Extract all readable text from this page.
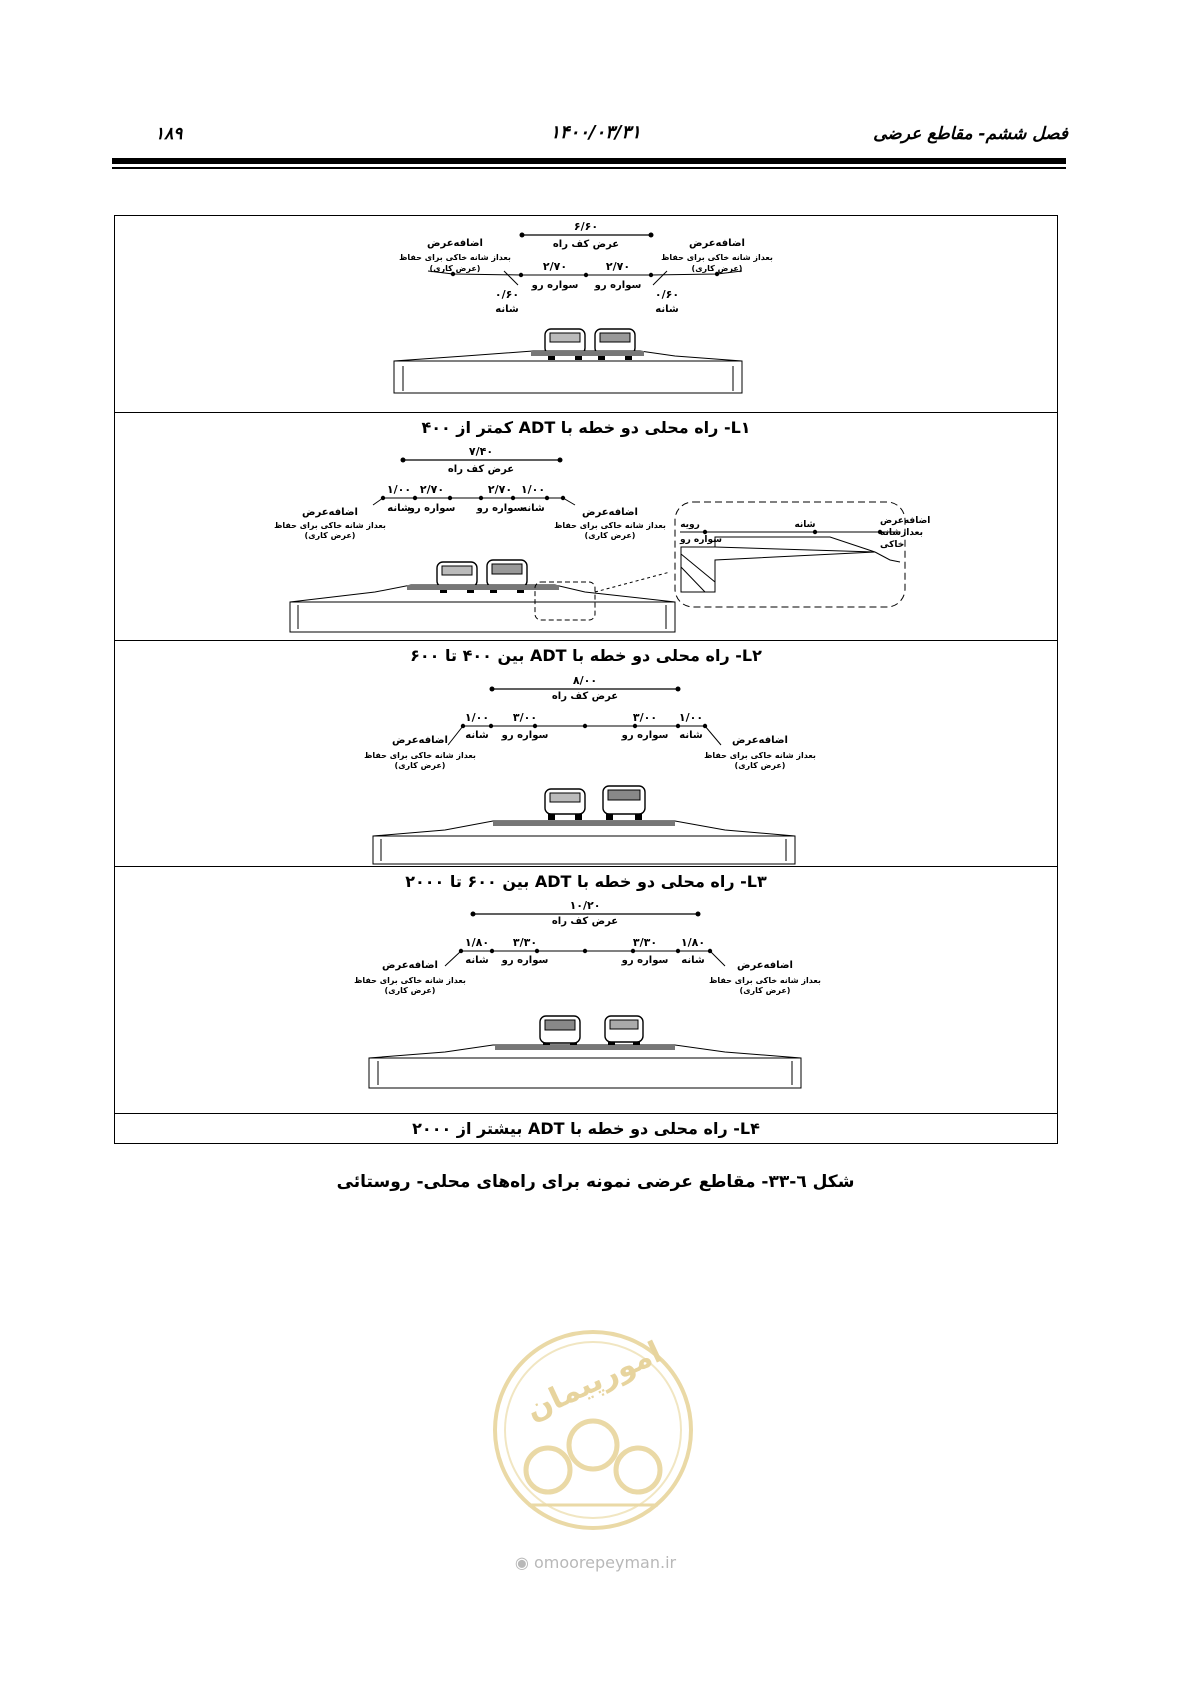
فصل ششم- مقاطع عرضی
۱۴۰۰/۰۳/۳۱
۱۸۹
۶/۶۰
عرض کف راه
۲/۷۰	۲/۷۰
سواره رو سواره رو
۰/۶۰	۰/۶۰
شانه	شانه
اضافه‌عرض
بعداز شانه خاکی برای حفاظ
(عرض کاری)
اضافه‌عرض
بعداز شانه خاکی برای حفاظ
(عرض کاری)
L۱- راه محلی دو خطه با ADT کمتر از ۴۰۰
۷/۴۰
عرض کف راه
۱/۰۰ ۲/۷۰	۲/۷۰ ۱/۰۰
شانه
سواره رو سواره رو
شانه
اضافه‌عرض
بعداز شانه خاکی برای حفاظ
(عرض کاری)
اضافه‌عرض
بعداز شانه خاکی برای حفاظ
(عرض کاری)
رویه
سواره رو
شانه	اضافه‌عرض
بعدازشانه
خاکی
L۲- راه محلی دو خطه با ADT بین ۴۰۰ تا ۶۰۰
۸/۰۰
عرض کف راه
۱/۰۰ ۳/۰۰	۳/۰۰ ۱/۰۰
شانه سواره رو	سواره رو شانه
اضافه‌عرض
بعداز شانه خاکی برای حفاظ
(عرض کاری)
اضافه‌عرض
بعداز شانه خاکی برای حفاظ
(عرض کاری)
L۳- راه محلی دو خطه با ADT بین ۶۰۰ تا ۲۰۰۰
۱۰/۲۰
عرض کف راه
۱/۸۰ ۳/۳۰	۳/۳۰ ۱/۸۰
شانه سواره رو	سواره رو شانه
اضافه‌عرض
بعداز شانه خاکی برای حفاظ
(عرض کاری)
اضافه‌عرض
بعداز شانه خاکی برای حفاظ
(عرض کاری)
L۴- راه محلی دو خطه با ADT بیشتر از ۲۰۰۰
شکل ٦-٣٣- مقاطع عرضی نمونه برای راه‌های محلی- روستائی
امورپیمان
◉ omoorepeyman.ir
